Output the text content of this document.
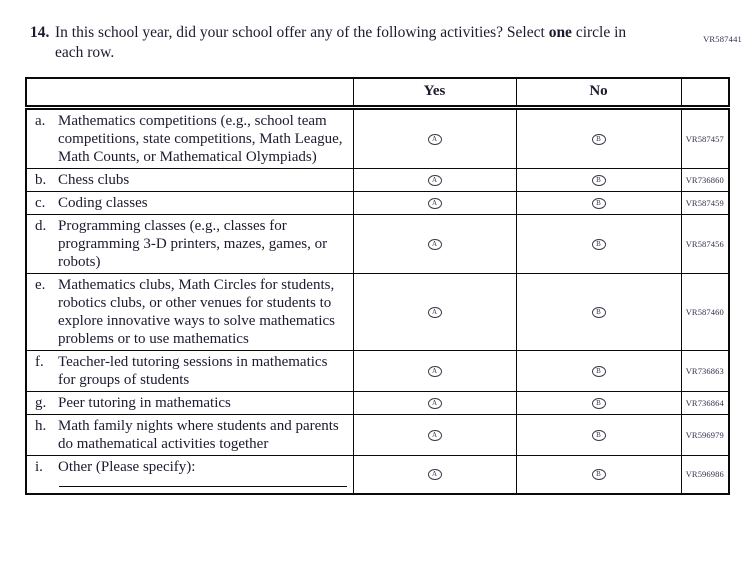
VR587441
14. In this school year, did your school offer any of the following activities? Select one circle in each row.
	Yes	No	

a. Mathematics competitions (e.g., school team competitions, state competitions, Math League, Math Counts, or Mathematical Olympiads)	A	B	VR587457

b. Chess clubs	A	B	VR736860

c. Coding classes	A	B	VR587459

d. Programming classes (e.g., classes for programming 3-D printers, mazes, games, or robots)	A	B	VR587456

e. Mathematics clubs, Math Circles for students, robotics clubs, or other venues for students to explore innovative ways to solve mathematics problems or to use mathematics	A	B	VR587460

f. Teacher-led tutoring sessions in mathematics for groups of students	A	B	VR736863

g. Peer tutoring in mathematics	A	B	VR736864

h. Math family nights where students and parents do mathematical activities together	A	B	VR596979

i. Other (Please specify):	A	B	VR596986
